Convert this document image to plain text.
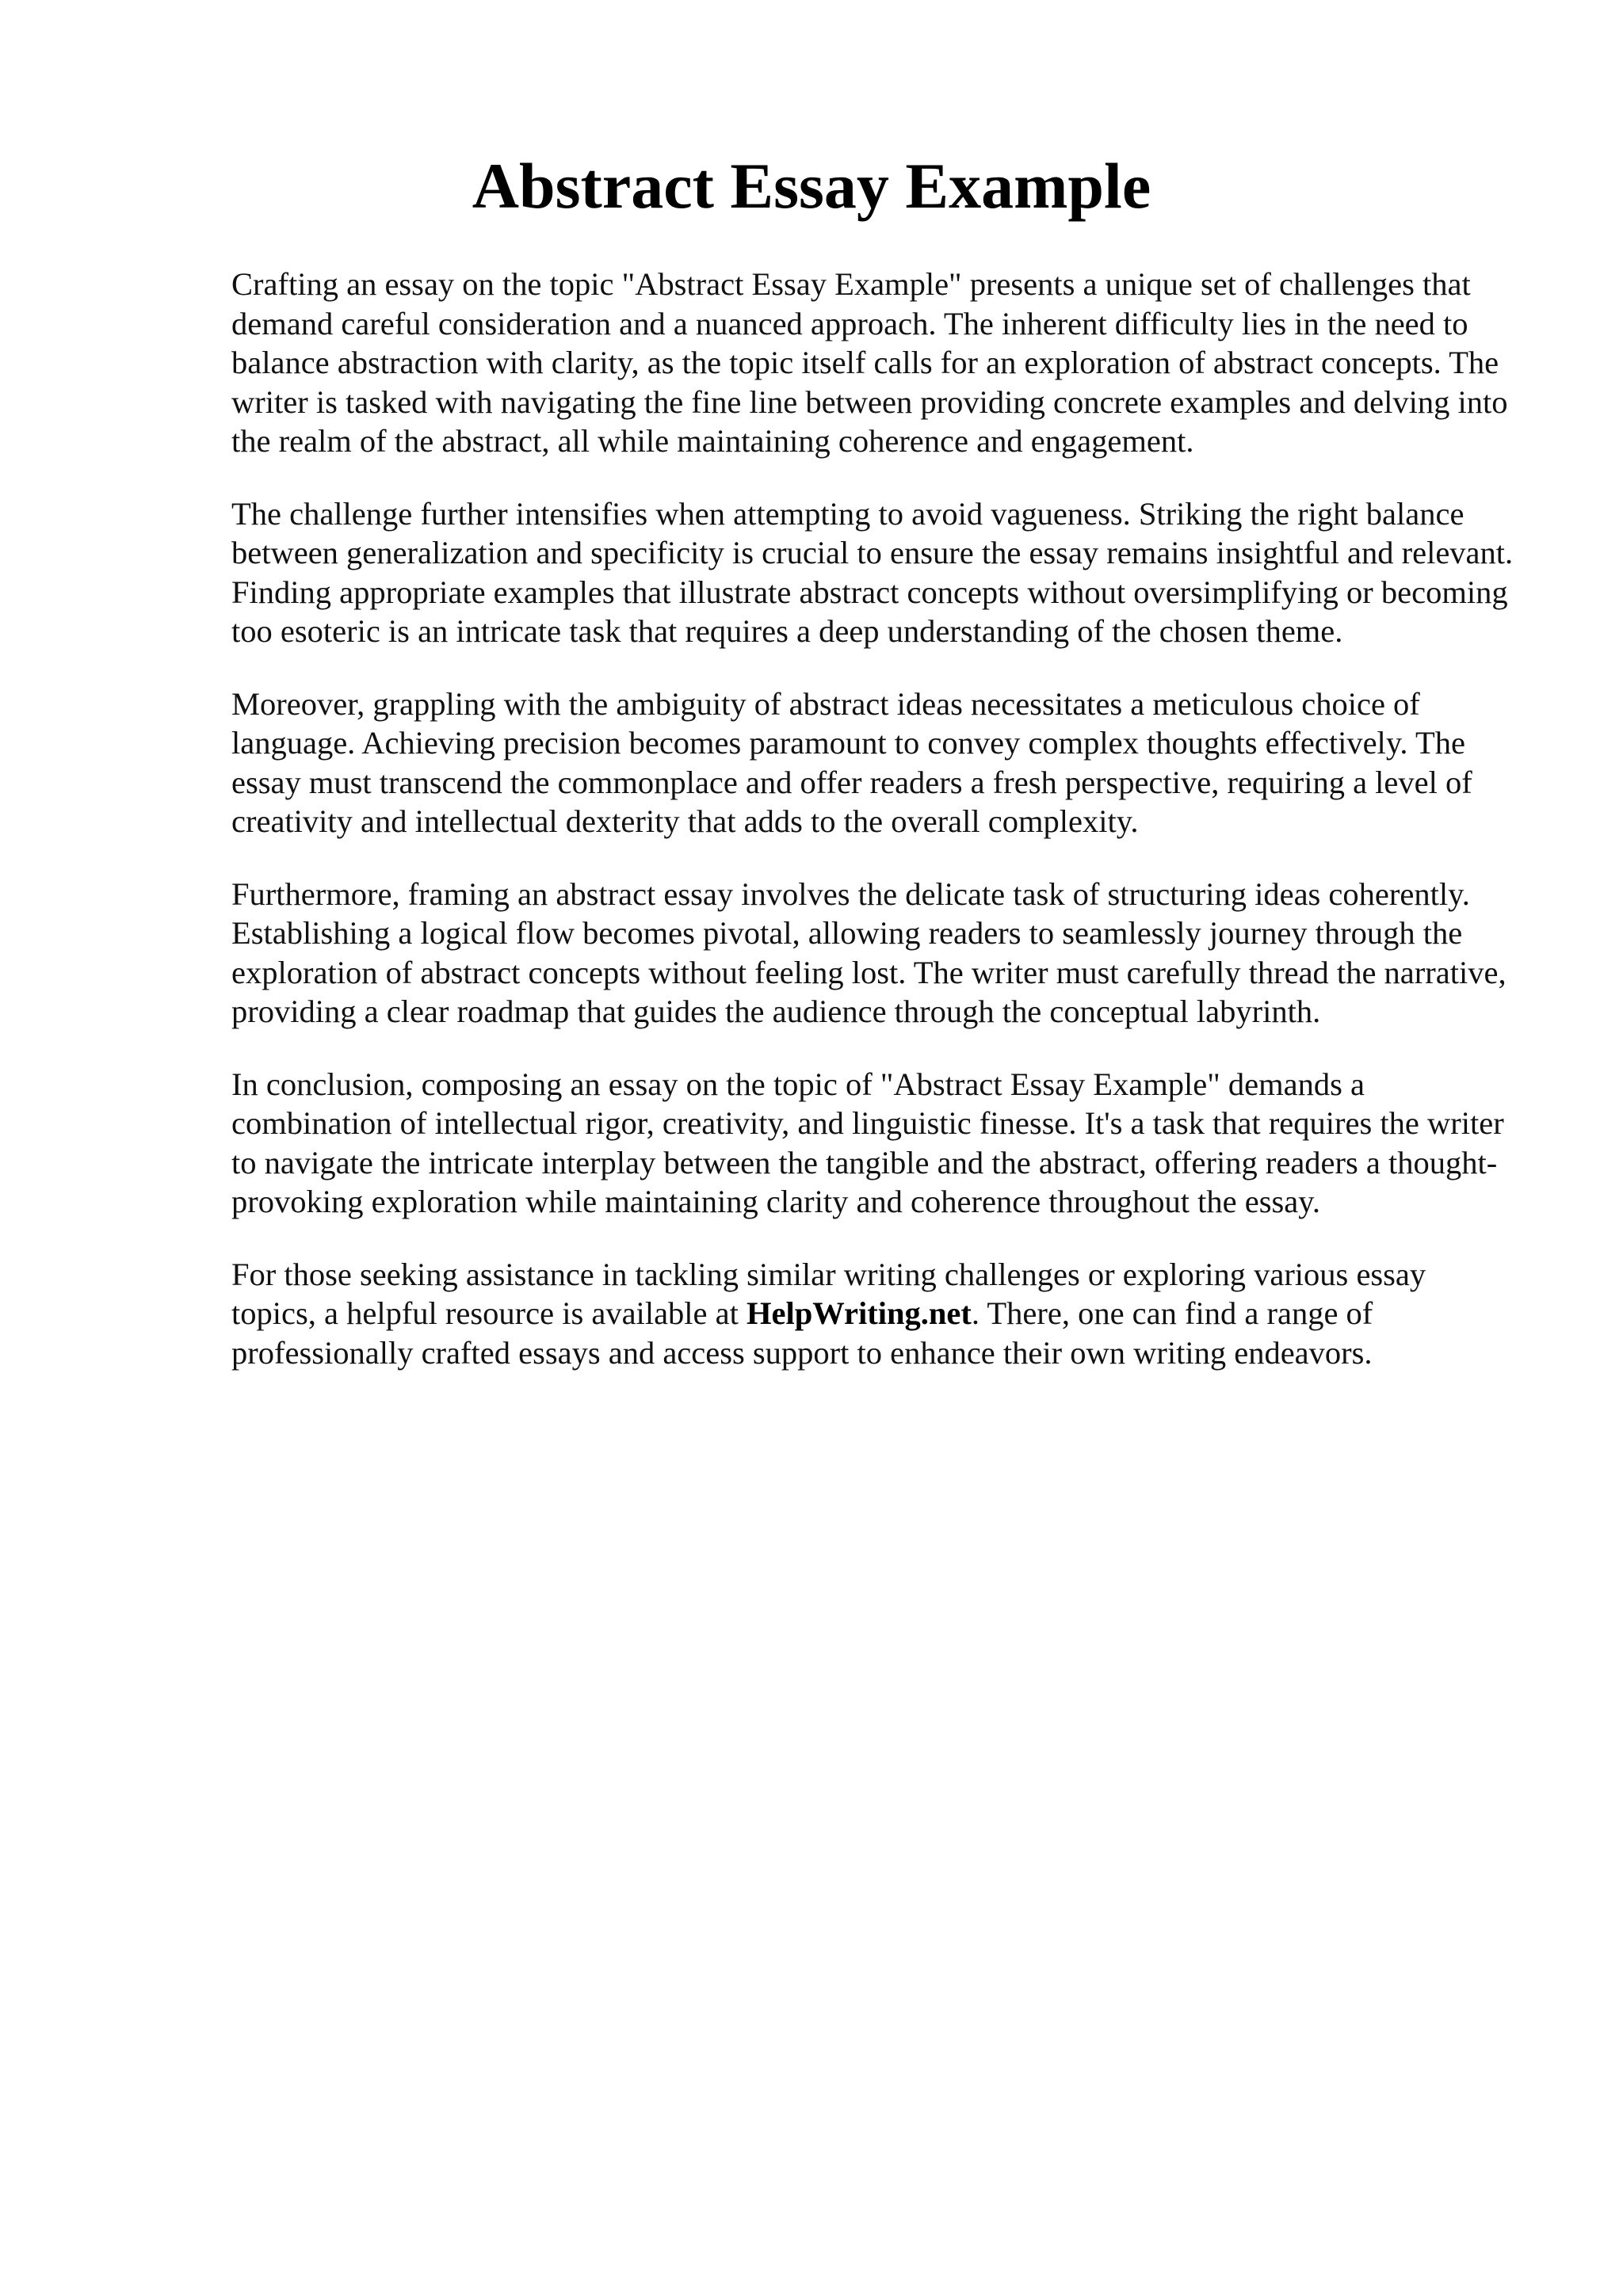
Abstract Essay Example

Crafting an essay on the topic "Abstract Essay Example" presents a unique set of challenges that demand careful consideration and a nuanced approach. The inherent difficulty lies in the need to balance abstraction with clarity, as the topic itself calls for an exploration of abstract concepts. The writer is tasked with navigating the fine line between providing concrete examples and delving into the realm of the abstract, all while maintaining coherence and engagement.

The challenge further intensifies when attempting to avoid vagueness. Striking the right balance between generalization and specificity is crucial to ensure the essay remains insightful and relevant. Finding appropriate examples that illustrate abstract concepts without oversimplifying or becoming too esoteric is an intricate task that requires a deep understanding of the chosen theme.

Moreover, grappling with the ambiguity of abstract ideas necessitates a meticulous choice of language. Achieving precision becomes paramount to convey complex thoughts effectively. The essay must transcend the commonplace and offer readers a fresh perspective, requiring a level of creativity and intellectual dexterity that adds to the overall complexity.

Furthermore, framing an abstract essay involves the delicate task of structuring ideas coherently. Establishing a logical flow becomes pivotal, allowing readers to seamlessly journey through the exploration of abstract concepts without feeling lost. The writer must carefully thread the narrative, providing a clear roadmap that guides the audience through the conceptual labyrinth.

In conclusion, composing an essay on the topic of "Abstract Essay Example" demands a combination of intellectual rigor, creativity, and linguistic finesse. It's a task that requires the writer to navigate the intricate interplay between the tangible and the abstract, offering readers a thought-provoking exploration while maintaining clarity and coherence throughout the essay.

For those seeking assistance in tackling similar writing challenges or exploring various essay topics, a helpful resource is available at HelpWriting.net. There, one can find a range of professionally crafted essays and access support to enhance their own writing endeavors.
